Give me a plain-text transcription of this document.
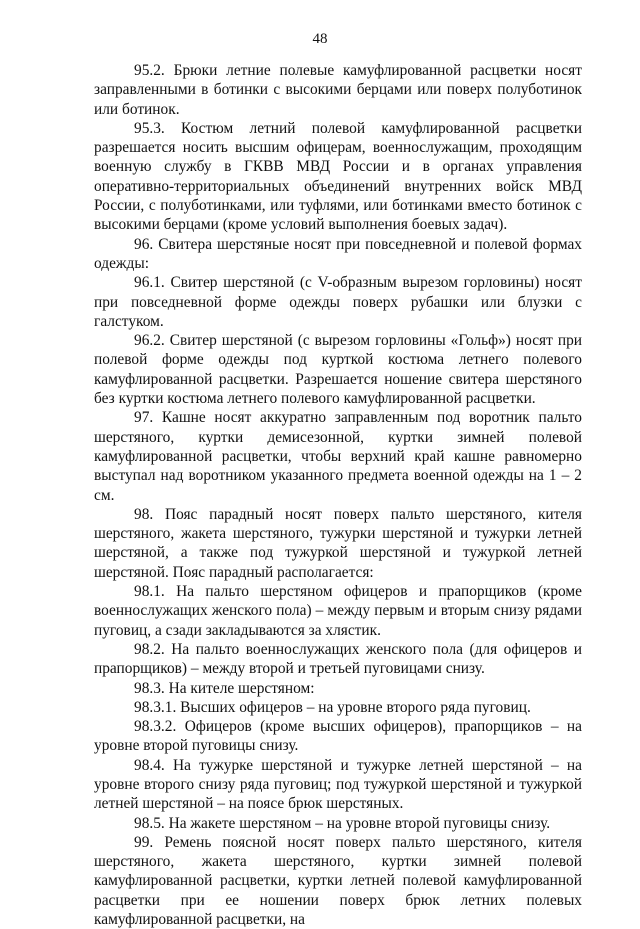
48

95.2. Брюки летние полевые камуфлированной расцветки носят заправленными в ботинки с высокими берцами или поверх полуботинок или ботинок.

95.3. Костюм летний полевой камуфлированной расцветки разрешается носить высшим офицерам, военнослужащим, проходящим военную службу в ГКВВ МВД России и в органах управления оперативно-территориальных объединений внутренних войск МВД России, с полуботинками, или туфлями, или ботинками вместо ботинок с высокими берцами (кроме условий выполнения боевых задач).

96. Свитера шерстяные носят при повседневной и полевой формах одежды:

96.1. Свитер шерстяной (с V-образным вырезом горловины) носят при повседневной форме одежды поверх рубашки или блузки с галстуком.

96.2. Свитер шерстяной (с вырезом горловины «Гольф») носят при полевой форме одежды под курткой костюма летнего полевого камуфлированной расцветки. Разрешается ношение свитера шерстяного без куртки костюма летнего полевого камуфлированной расцветки.

97. Кашне носят аккуратно заправленным под воротник пальто шерстяного, куртки демисезонной, куртки зимней полевой камуфлированной расцветки, чтобы верхний край кашне равномерно выступал над воротником указанного предмета военной одежды на 1 – 2 см.

98. Пояс парадный носят поверх пальто шерстяного, кителя шерстяного, жакета шерстяного, тужурки шерстяной и тужурки летней шерстяной, а также под тужуркой шерстяной и тужуркой летней шерстяной. Пояс парадный располагается:

98.1. На пальто шерстяном офицеров и прапорщиков (кроме военнослужащих женского пола) – между первым и вторым снизу рядами пуговиц, а сзади закладываются за хлястик.

98.2. На пальто военнослужащих женского пола (для офицеров и прапорщиков) – между второй и третьей пуговицами снизу.

98.3. На кителе шерстяном:

98.3.1. Высших офицеров – на уровне второго ряда пуговиц.

98.3.2. Офицеров (кроме высших офицеров), прапорщиков – на уровне второй пуговицы снизу.

98.4. На тужурке шерстяной и тужурке летней шерстяной – на уровне второго снизу ряда пуговиц; под тужуркой шерстяной и тужуркой летней шерстяной – на поясе брюк шерстяных.

98.5. На жакете шерстяном – на уровне второй пуговицы снизу.

99. Ремень поясной носят поверх пальто шерстяного, кителя шерстяного, жакета шерстяного, куртки зимней полевой камуфлированной расцветки, куртки летней полевой камуфлированной расцветки при ее ношении поверх брюк летних полевых камуфлированной расцветки, на
